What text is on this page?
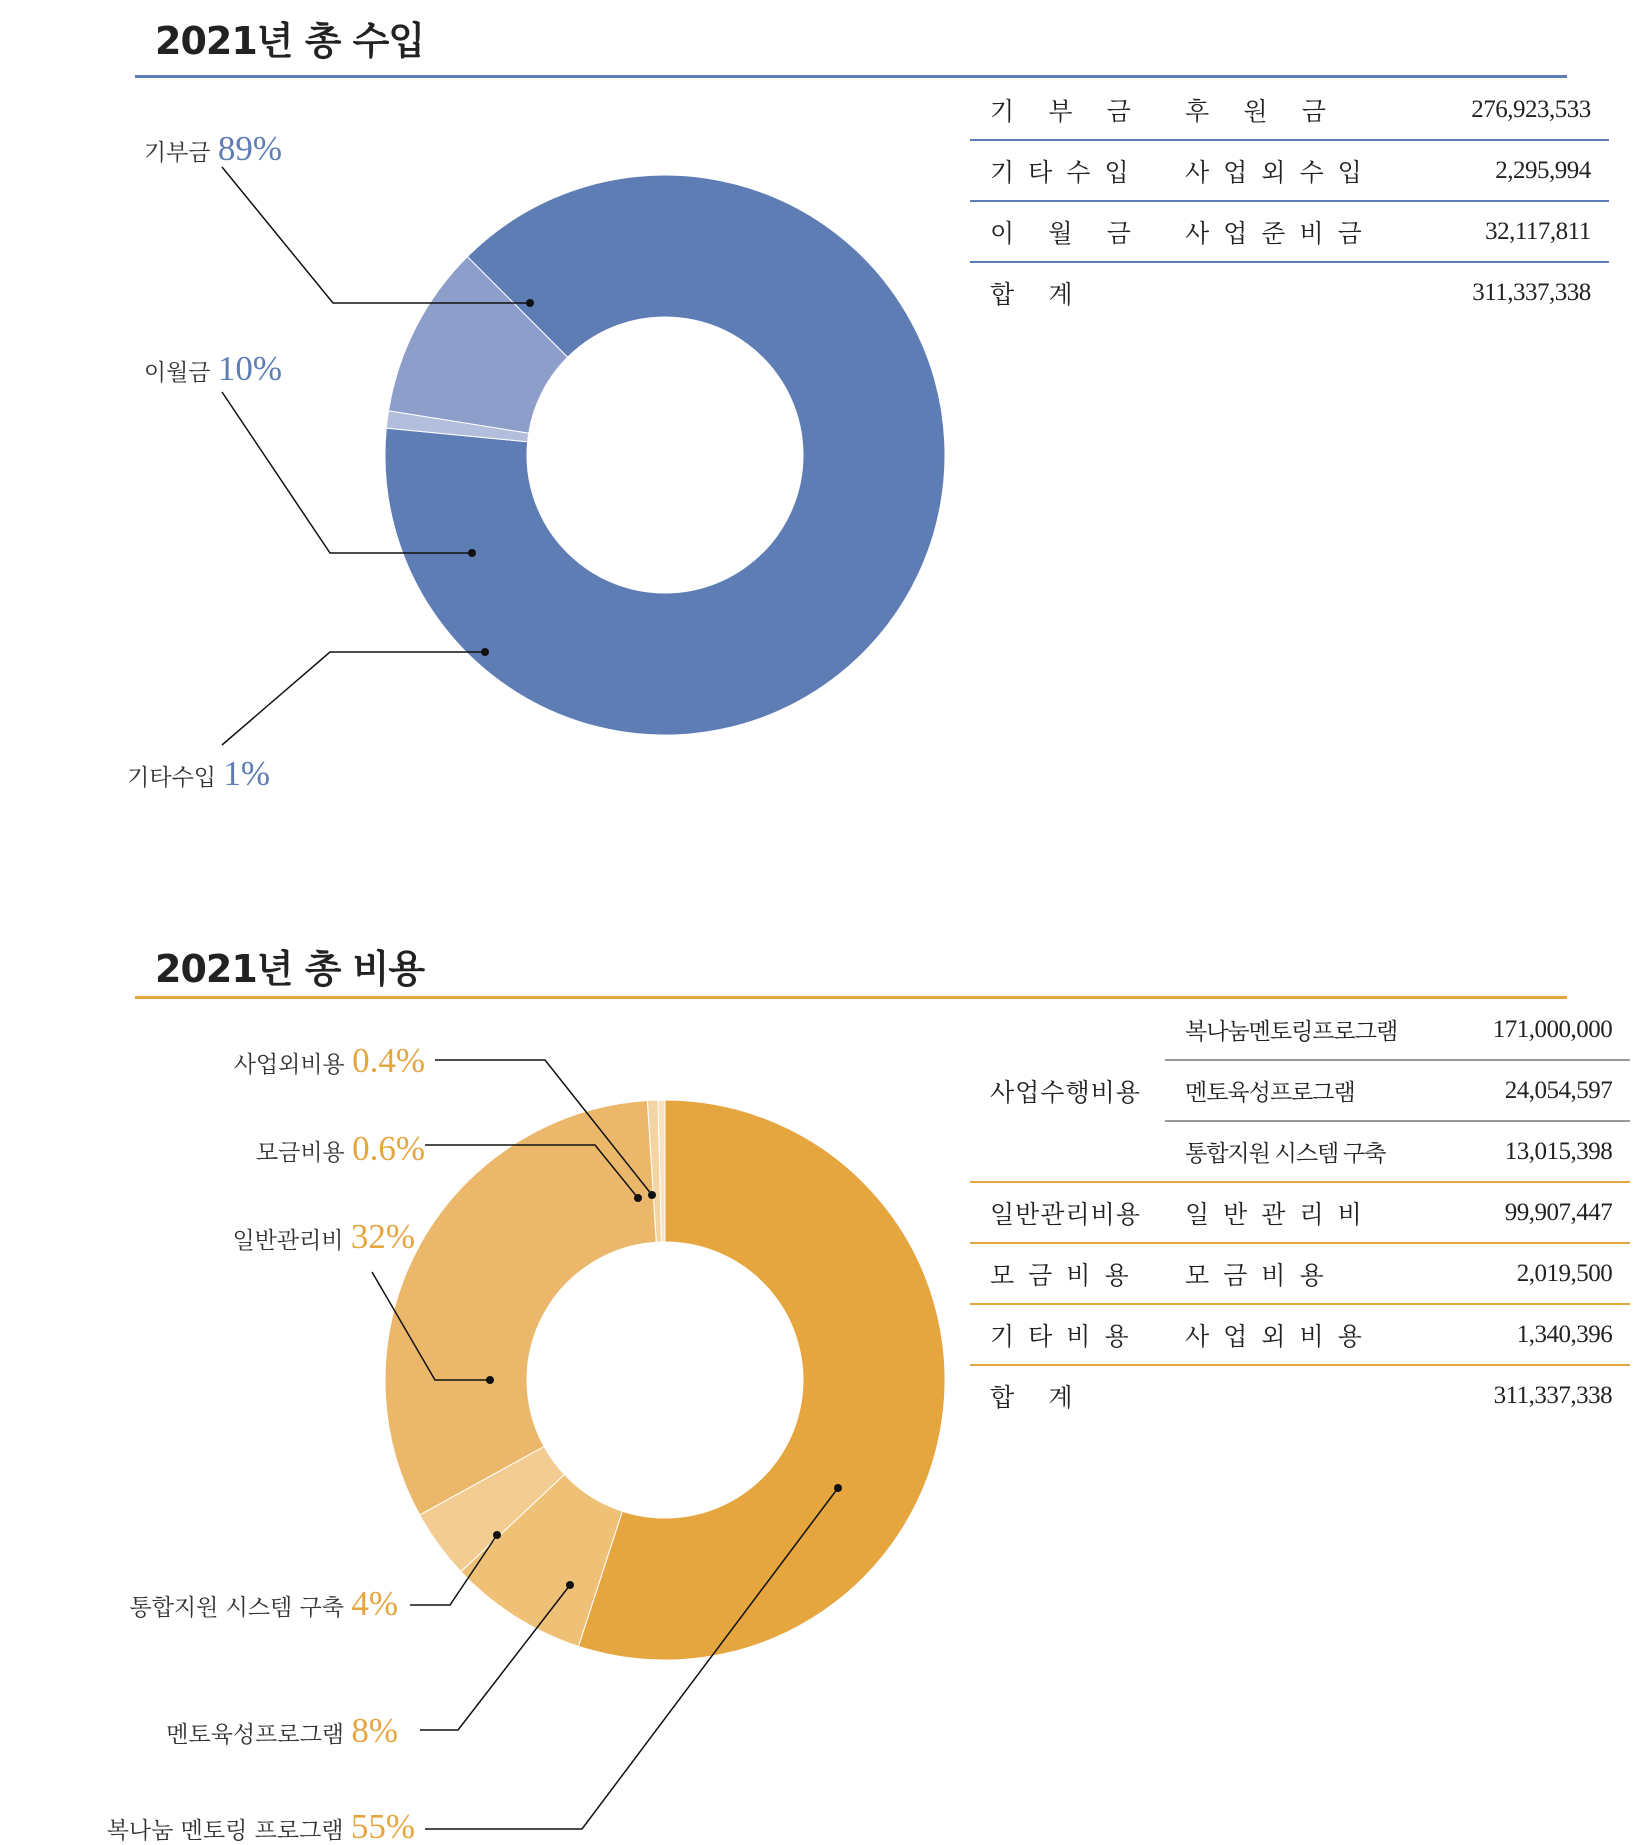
2021년 총 수입
기 부 금	후 원 금	276,923,533
기타수입	사업외수입	2,295,994
이 월 금	사업준비금	32,117,811
합 계		311,337,338
2021년 총 비용
사업수행비용	복나눔멘토링프로그램	171,000,000
	멘토육성프로그램	24,054,597
	통합지원 시스템 구축	13,015,398
일반관리비용	일반관리비	99,907,447
모금비용	모금비용	2,019,500
기타비용	사업외비용	1,340,396
합 계		311,337,338
기부금 89%
이월금 10%
기타수입 1%
사업외비용 0.4%
모금비용 0.6%
일반관리비 32%
통합지원 시스템 구축 4%
멘토육성프로그램 8%
복나눔 멘토링 프로그램 55%
